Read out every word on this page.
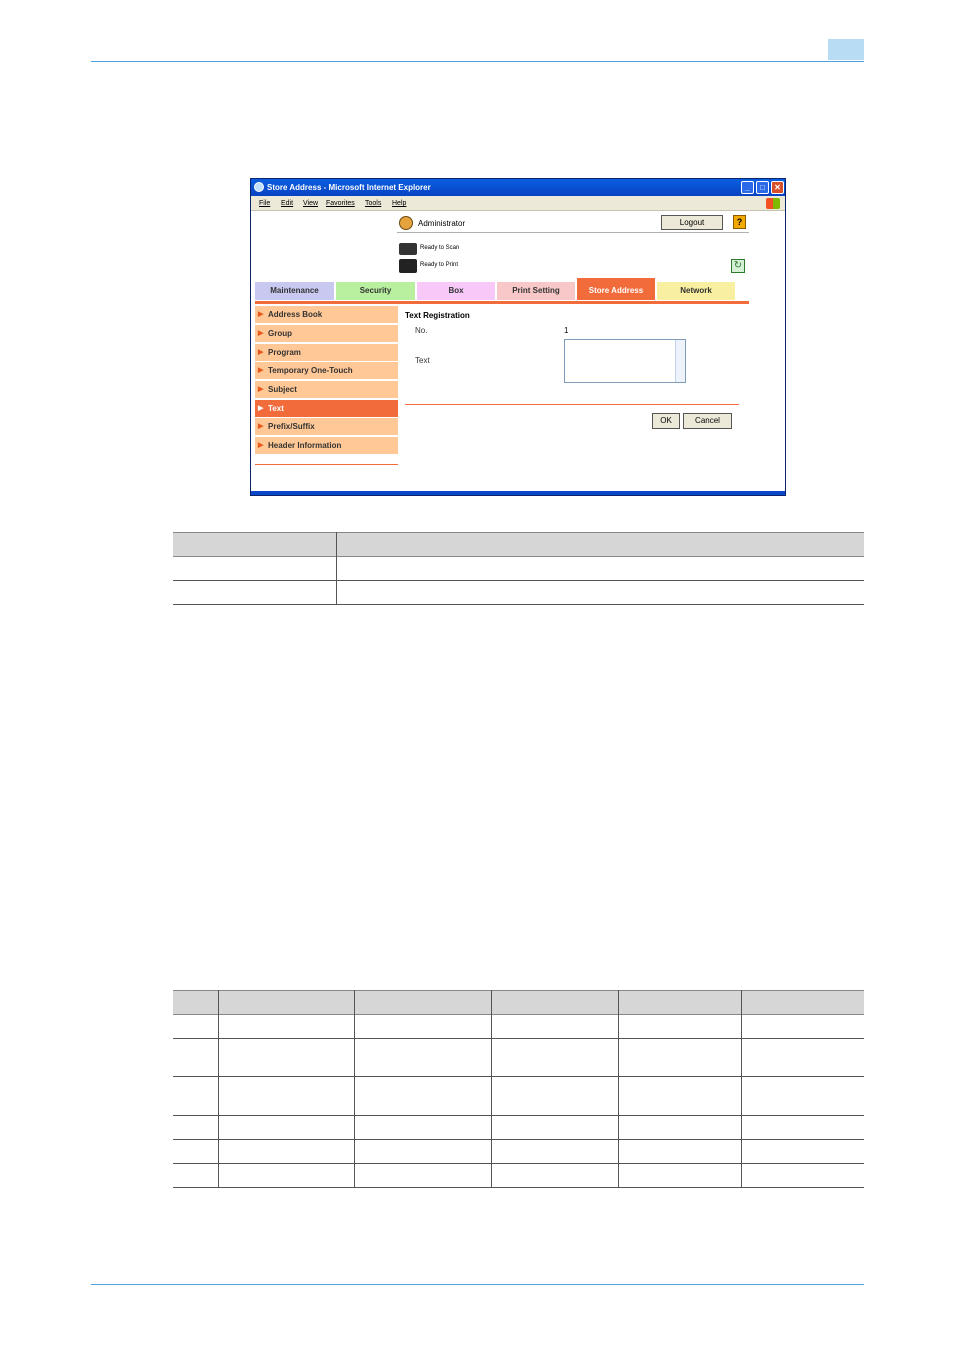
Store Address - Microsoft Internet Explorer	_	□	✕
File Edit View Favorites Tools Help
Administrator	Logout	?
Ready to Scan
Ready to Print	↻
Maintenance	Security	Box	Print Setting	Store Address	Network
▶ Address Book
▶ Group
▶ Program
▶ Temporary One-Touch
▶ Subject
▶ Text
▶ Prefix/Suffix
▶ Header Information
Text Registration
No.	1
Text
OK	Cancel
